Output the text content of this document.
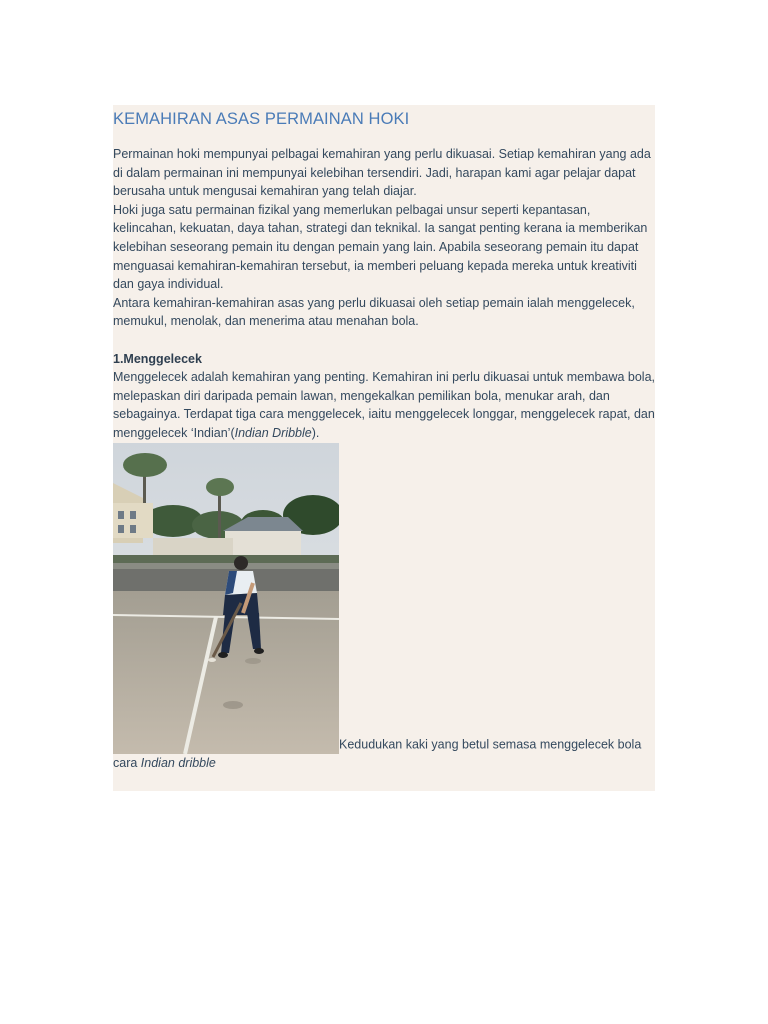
KEMAHIRAN ASAS PERMAINAN HOKI

Permainan hoki mempunyai pelbagai kemahiran yang perlu dikuasai. Setiap kemahiran yang ada di dalam permainan ini mempunyai kelebihan tersendiri. Jadi, harapan kami agar pelajar dapat berusaha untuk mengusai kemahiran yang telah diajar.

Hoki juga satu permainan fizikal yang memerlukan pelbagai unsur seperti kepantasan, kelincahan, kekuatan, daya tahan, strategi dan teknikal. Ia sangat penting kerana ia memberikan kelebihan seseorang pemain itu dengan pemain yang lain. Apabila seseorang pemain itu dapat menguasai kemahiran-kemahiran tersebut, ia memberi peluang kepada mereka untuk kreativiti dan gaya individual.

Antara kemahiran-kemahiran asas yang perlu dikuasai oleh setiap pemain ialah menggelecek, memukul, menolak, dan menerima atau menahan bola.

1.Menggelecek

Menggelecek adalah kemahiran yang penting. Kemahiran ini perlu dikuasai untuk membawa bola, melepaskan diri daripada pemain lawan, mengekalkan pemilikan bola, menukar arah, dan sebagainya. Terdapat tiga cara menggelecek, iaitu menggelecek longgar, menggelecek rapat, dan menggelecek ‘Indian’(Indian Dribble).

Kedudukan kaki yang betul semasa menggelecek bola cara Indian dribble
